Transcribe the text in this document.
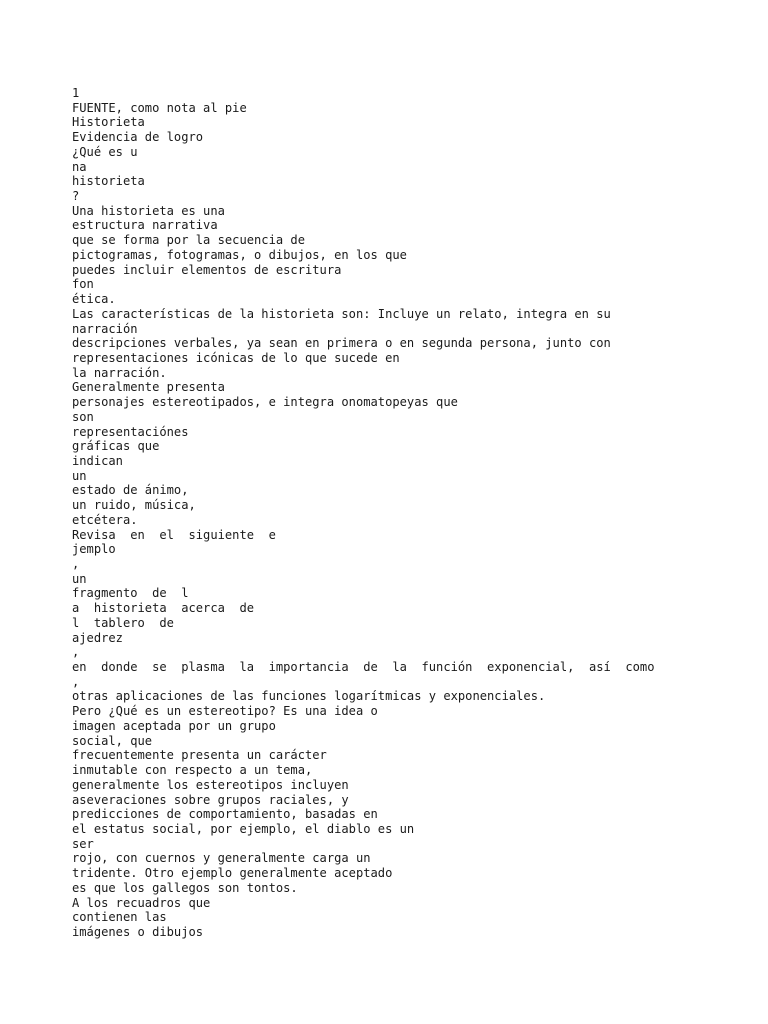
1
FUENTE, como nota al pie
Historieta
Evidencia de logro
¿Qué es u
na
historieta
?
Una historieta es una
estructura narrativa
que se forma por la secuencia de
pictogramas, fotogramas, o dibujos, en los que
puedes incluir elementos de escritura
fon
ética.
Las características de la historieta son: Incluye un relato, integra en su
narración
descripciones verbales, ya sean en primera o en segunda persona, junto con
representaciones icónicas de lo que sucede en
la narración.
Generalmente presenta
personajes estereotipados, e integra onomatopeyas que
son
representaciónes
gráficas que
indican
un
estado de ánimo,
un ruido, música,
etcétera.
Revisa  en  el  siguiente  e
jemplo
,
un
fragmento  de  l
a  historieta  acerca  de
l  tablero  de
ajedrez
,
en  donde  se  plasma  la  importancia  de  la  función  exponencial,  así  como
,
otras aplicaciones de las funciones logarítmicas y exponenciales.
Pero ¿Qué es un estereotipo? Es una idea o
imagen aceptada por un grupo
social, que
frecuentemente presenta un carácter
inmutable con respecto a un tema,
generalmente los estereotipos incluyen
aseveraciones sobre grupos raciales, y
predicciones de comportamiento, basadas en
el estatus social, por ejemplo, el diablo es un
ser
rojo, con cuernos y generalmente carga un
tridente. Otro ejemplo generalmente aceptado
es que los gallegos son tontos.
A los recuadros que
contienen las
imágenes o dibujos
